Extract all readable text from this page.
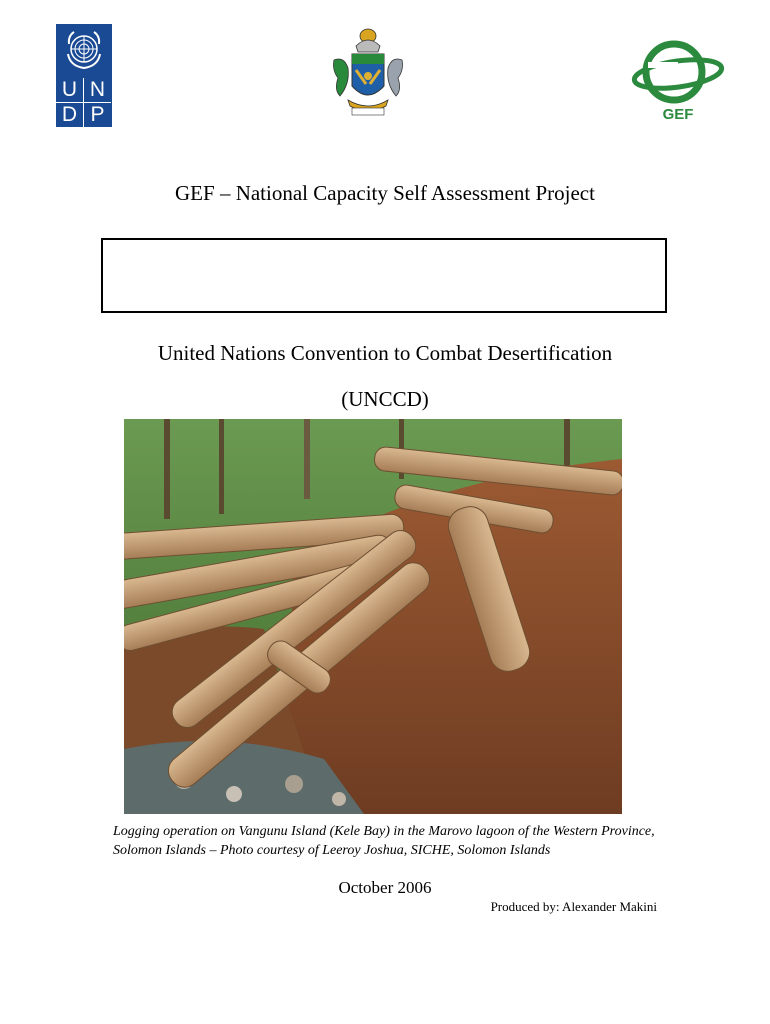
U N
D P	GEF
GEF – National Capacity Self Assessment Project
United Nations Convention to Combat Desertification
(UNCCD)
Logging operation on Vangunu Island (Kele Bay) in the Marovo lagoon of the Western Province, Solomon Islands – Photo courtesy of Leeroy Joshua, SICHE, Solomon Islands
October 2006
Produced by: Alexander Makini
